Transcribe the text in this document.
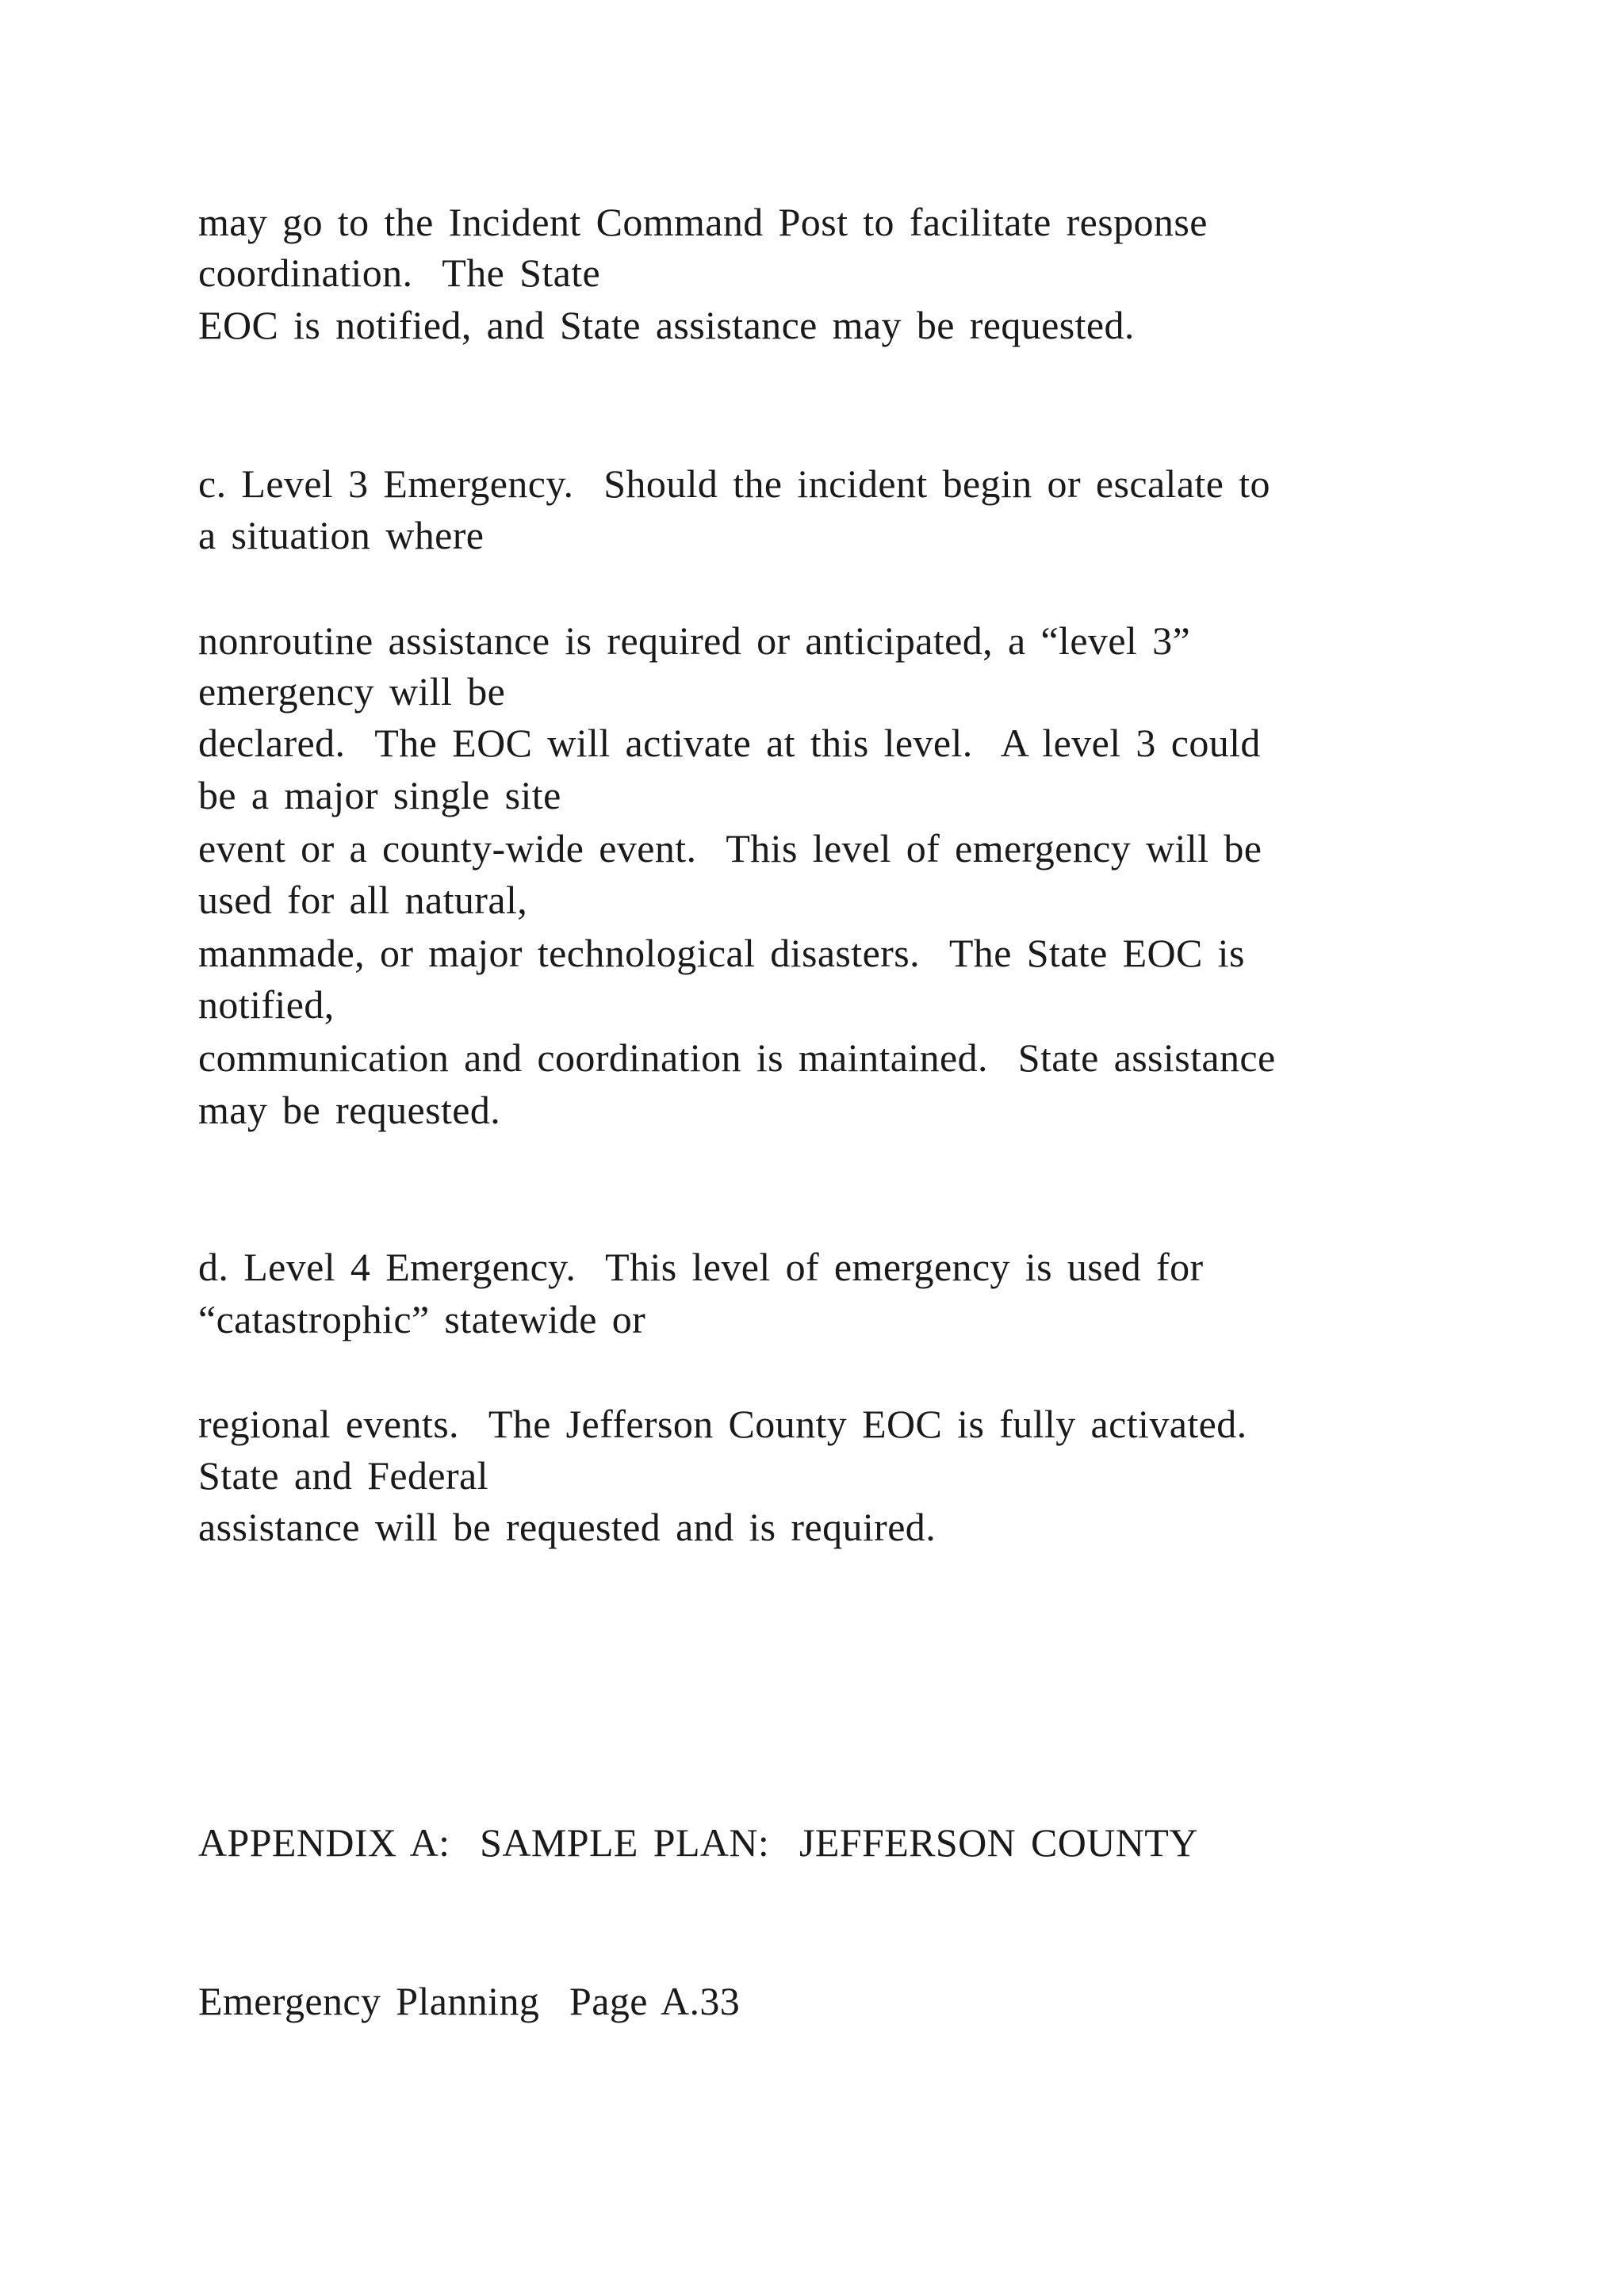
may go to the Incident Command Post to facilitate response

coordination.  The State

EOC is notified, and State assistance may be requested.

c. Level 3 Emergency.  Should the incident begin or escalate to

a situation where

nonroutine assistance is required or anticipated, a “level 3”

emergency will be

declared.  The EOC will activate at this level.  A level 3 could

be a major single site

event or a county-wide event.  This level of emergency will be

used for all natural,

manmade, or major technological disasters.  The State EOC is

notified,

communication and coordination is maintained.  State assistance

may be requested.

d. Level 4 Emergency.  This level of emergency is used for

“catastrophic” statewide or

regional events.  The Jefferson County EOC is fully activated.

State and Federal

assistance will be requested and is required.

APPENDIX A:  SAMPLE PLAN:  JEFFERSON COUNTY

Emergency Planning  Page A.33
